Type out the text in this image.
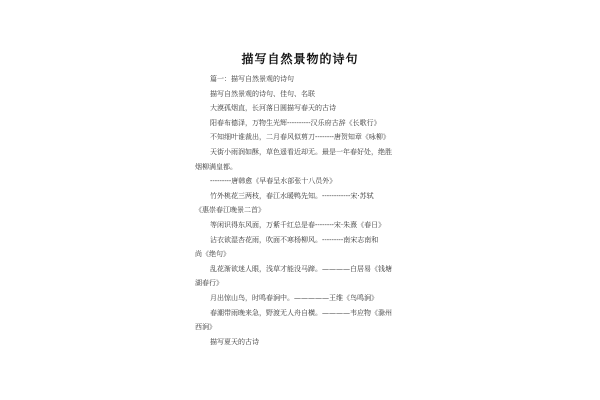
描写自然景物的诗句
篇一：描写自然景观的诗句
描写自然景观的诗句、佳句、名联
大漠孤烟直，长河落日圆描写春天的古诗
阳春布德泽，万物生光辉----------汉乐府古辞《长歌行》
不知细叶谁裁出，二月春风似剪刀--------唐贺知章《咏柳》
天街小雨润如酥，草色遥看近却无。最是一年春好处，绝胜
烟柳满皇都。
---------唐韩愈《早春呈水部张十八员外》
竹外桃花三两枝，春江水暖鸭先知。------------宋·苏轼
《惠崇春江晚景二首》
等闲识得东风面，万紫千红总是春--------宋·朱熹《春日》
沾衣欲湿杏花雨，吹面不寒杨柳风。---------南宋志南和
尚《绝句》
乱花渐欲迷人眼，浅草才能没马蹄。————白居易《钱塘
湖春行》
月出惊山鸟，时鸣春涧中。—————王维《鸟鸣涧》
春潮带雨晚来急，野渡无人舟自横。————韦应物《滁州
西涧》
描写夏天的古诗
